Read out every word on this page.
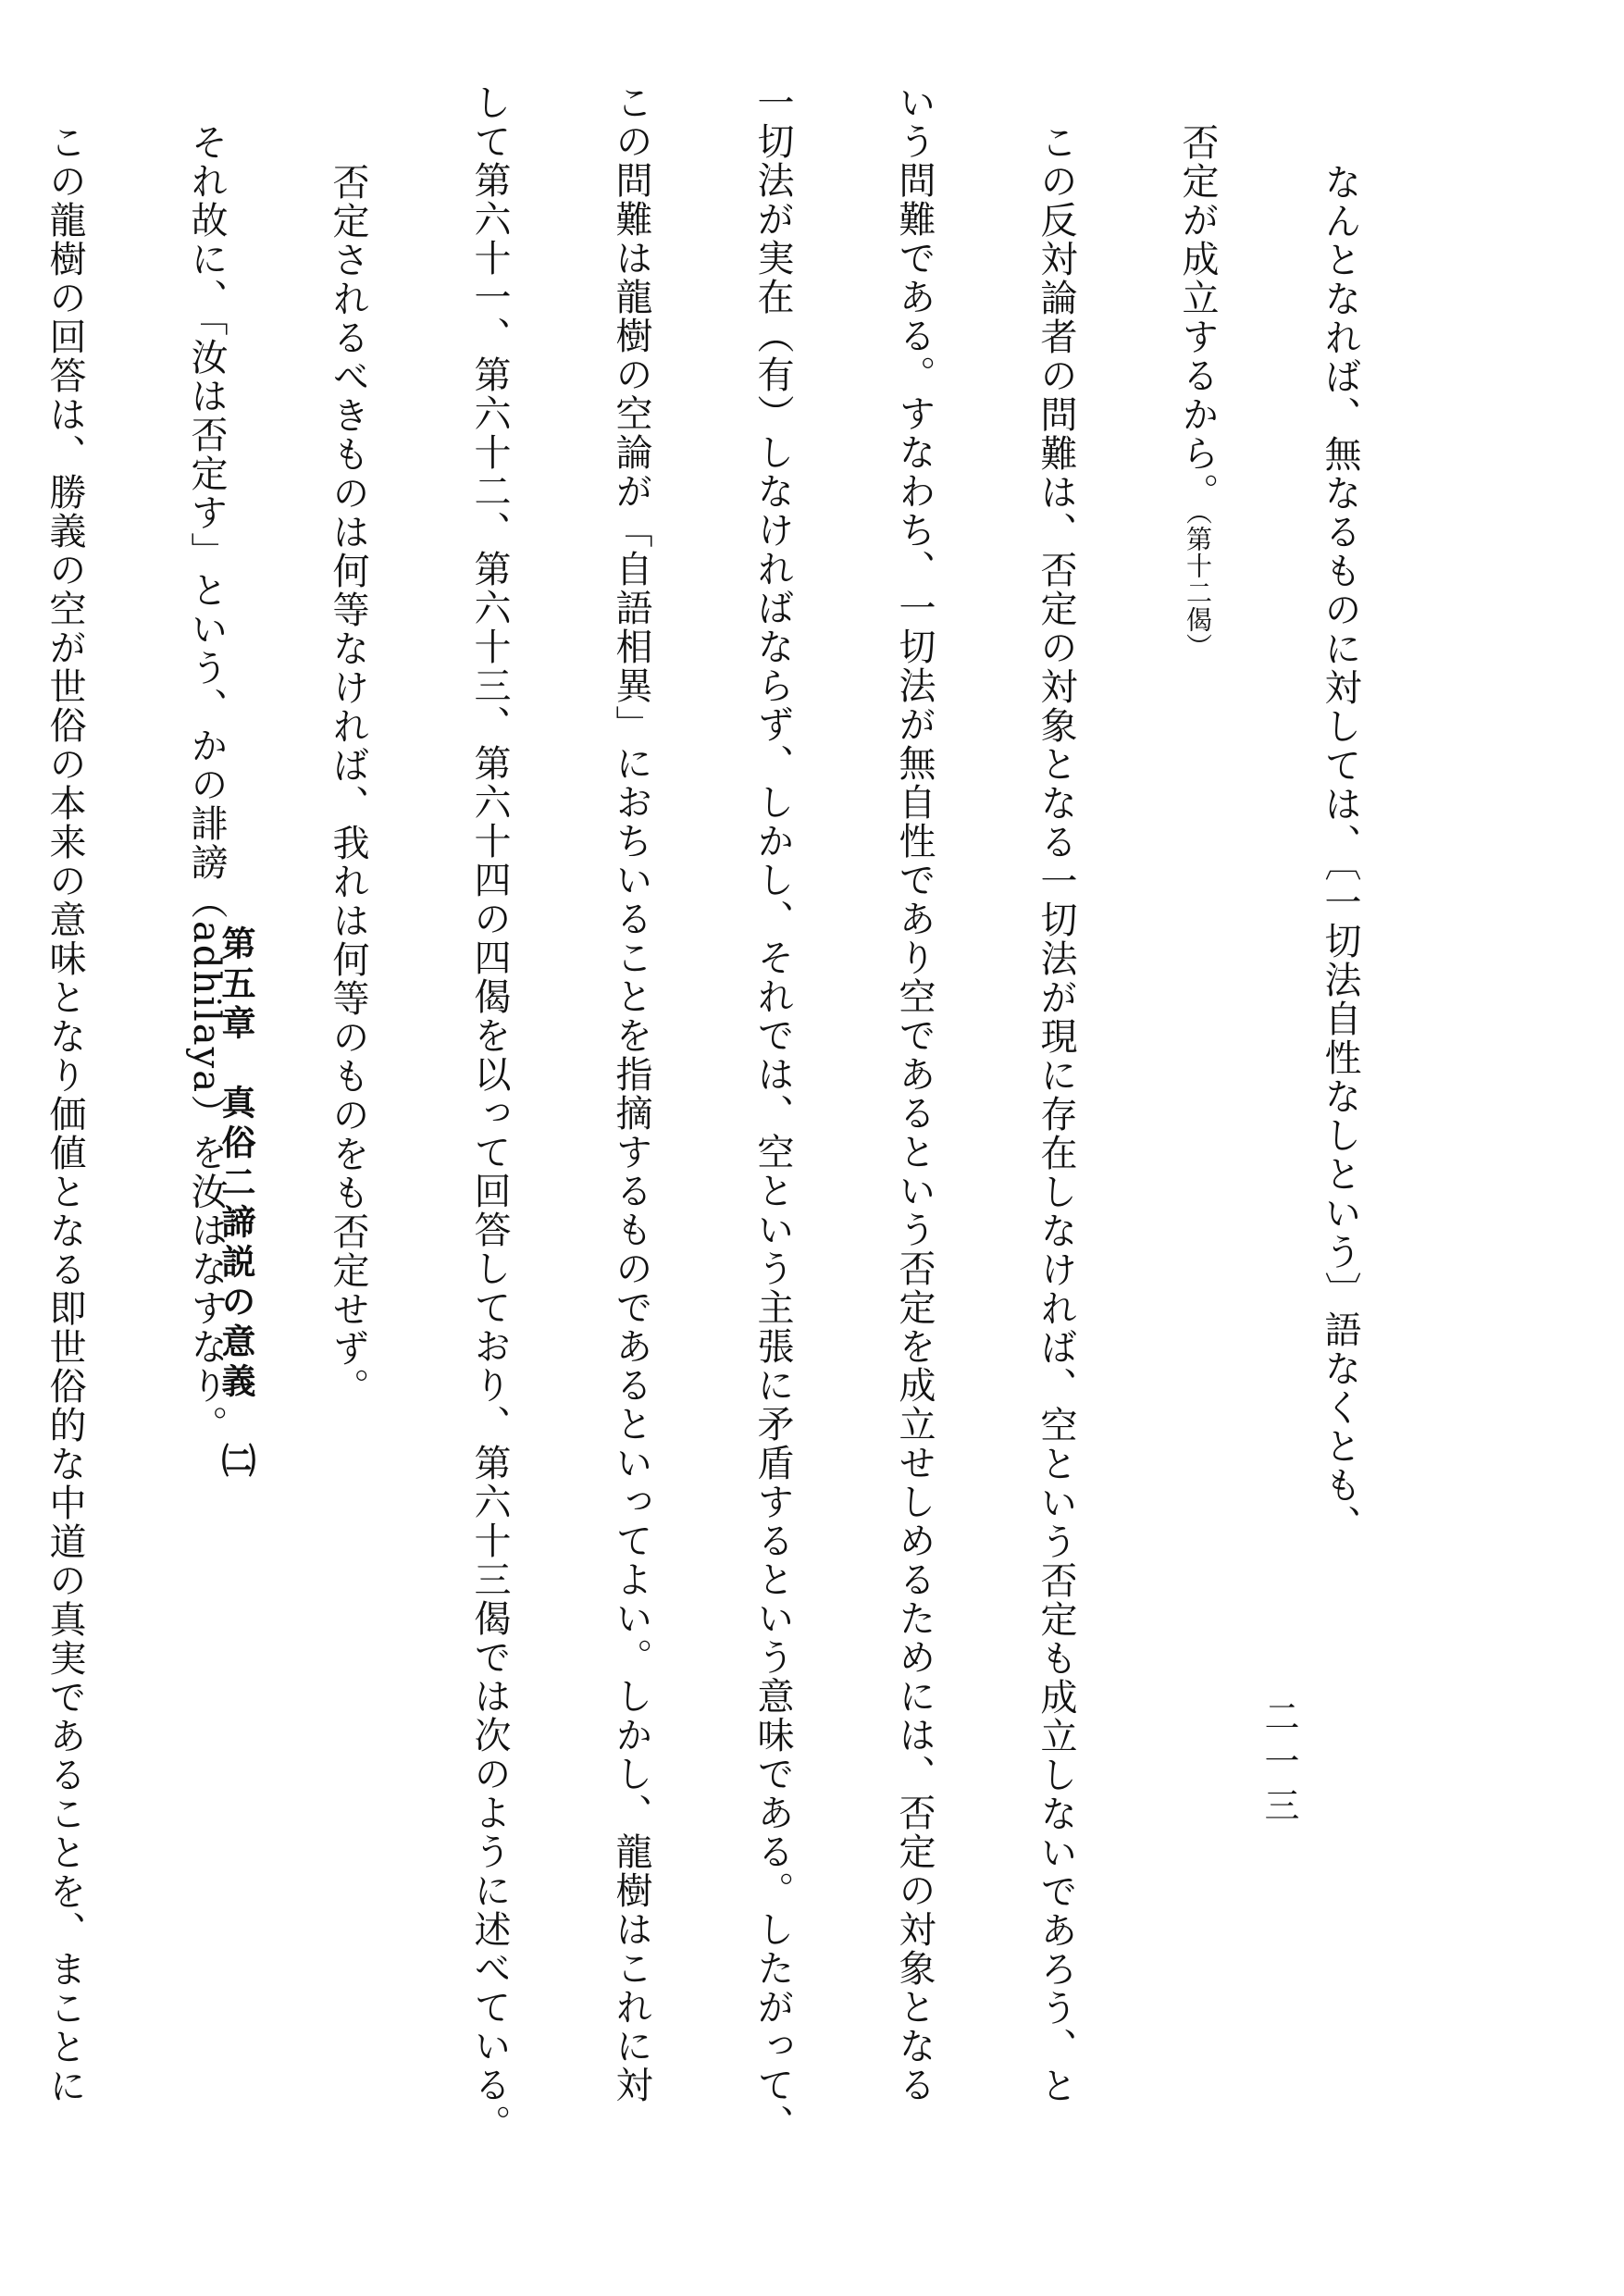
なんとなれば、無なるものに対しては、〔一切法自性なしという〕語なくとも、

否定が成立するから。（第十二偈）

この反対論者の問難は、否定の対象となる一切法が現に存在しなければ、空という否定も成立しないであろう、と

いう問難である。すなわち、一切法が無自性であり空であるという否定を成立せしめるためには、否定の対象となる

一切法が実在（有）しなければならず、しかし、それでは、空という主張に矛盾するという意味である。したがって、

この問難は龍樹の空論が「自語相異」におちいることを指摘するものであるといってよい。しかし、龍樹はこれに対

して第六十一、第六十二、第六十三、第六十四の四偈を以って回答しており、第六十三偈では次のように述べている。

否定されるべきものは何等なければ、我れは何等のものをも否定せず。

それ故に、「汝は否定す」という、かの誹謗（adhilaya）を汝はなすなり。

この龍樹の回答は、勝義の空が世俗の本来の意味となり価値となる即世俗的な中道の真実であることを、まことに

	第五章　真俗二諦説の意義　㈡
二一三
